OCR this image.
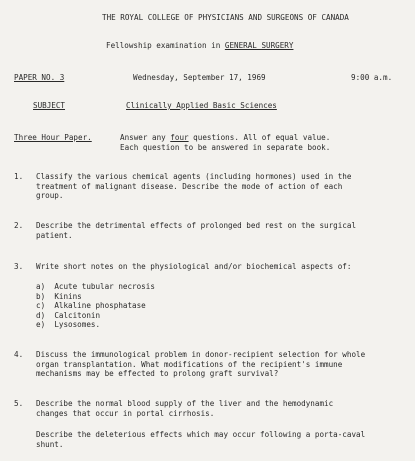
THE ROYAL COLLEGE OF PHYSICIANS AND SURGEONS OF CANADA
Fellowship examination in GENERAL SURGERY
PAPER NO. 3	Wednesday, September 17, 1969	9:00 a.m.
SUBJECT	Clinically Applied Basic Sciences
Three Hour Paper.	Answer any four questions. All of equal value.
Each question to be answered in separate book.
1. Classify the various chemical agents (including hormones) used in the
treatment of malignant disease. Describe the mode of action of each
group.
2. Describe the detrimental effects of prolonged bed rest on the surgical
patient.
3. Write short notes on the physiological and/or biochemical aspects of:
a) Acute tubular necrosis
b) Kinins
c) Alkaline phosphatase
d) Calcitonin
e) Lysosomes.
4. Discuss the immunological problem in donor-recipient selection for whole
organ transplantation. What modifications of the recipient's immune
mechanisms may be effected to prolong graft survival?
5. Describe the normal blood supply of the liver and the hemodynamic
changes that occur in portal cirrhosis.
Describe the deleterious effects which may occur following a porta-caval
shunt.
